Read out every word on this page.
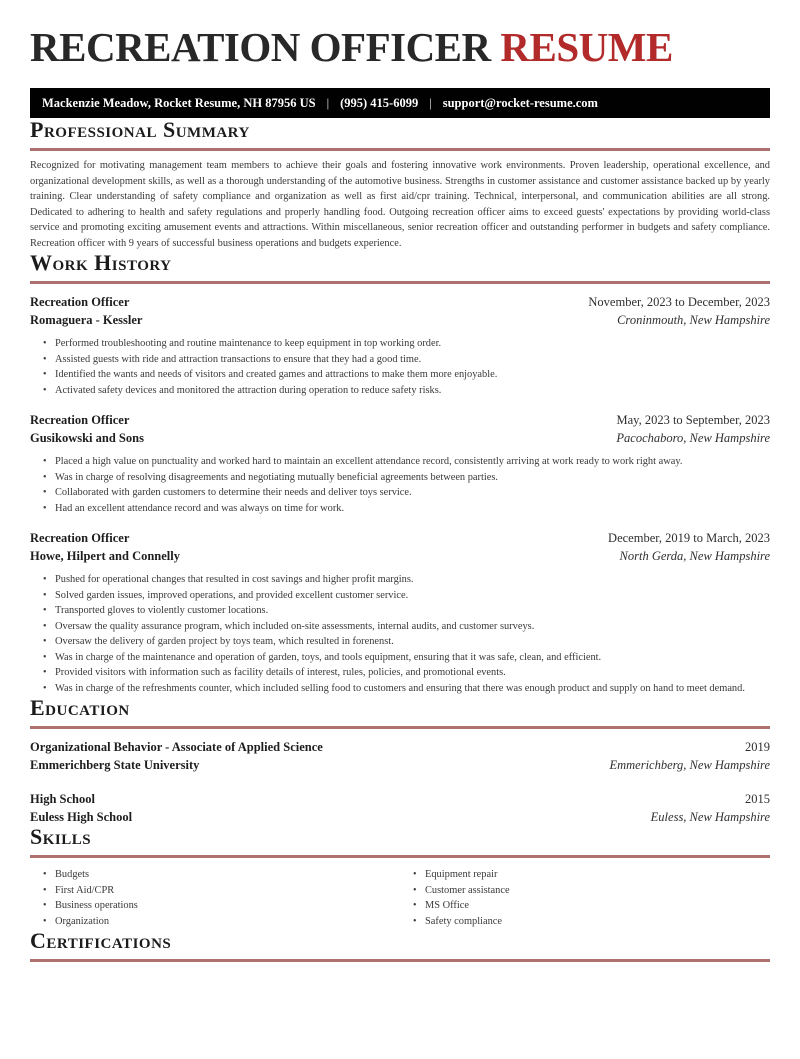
RECREATION OFFICER RESUME
Mackenzie Meadow, Rocket Resume, NH 87956 US | (995) 415-6099 | support@rocket-resume.com
Professional Summary

Recognized for motivating management team members to achieve their goals and fostering innovative work environments. Proven leadership, operational excellence, and organizational development skills, as well as a thorough understanding of the automotive business. Strengths in customer assistance and customer assistance backed up by yearly training. Clear understanding of safety compliance and organization as well as first aid/cpr training. Technical, interpersonal, and communication abilities are all strong. Dedicated to adhering to health and safety regulations and properly handling food. Outgoing recreation officer aims to exceed guests' expectations by providing world-class service and promoting exciting amusement events and attractions. Within miscellaneous, senior recreation officer and outstanding performer in budgets and safety compliance. Recreation officer with 9 years of successful business operations and budgets experience.

Work History
Recreation Officer	November, 2023 to December, 2023
Romaguera - Kessler	Croninmouth, New Hampshire
• Performed troubleshooting and routine maintenance to keep equipment in top working order.
• Assisted guests with ride and attraction transactions to ensure that they had a good time.
• Identified the wants and needs of visitors and created games and attractions to make them more enjoyable.
• Activated safety devices and monitored the attraction during operation to reduce safety risks.
Recreation Officer	May, 2023 to September, 2023
Gusikowski and Sons	Pacochaboro, New Hampshire
• Placed a high value on punctuality and worked hard to maintain an excellent attendance record, consistently arriving at work ready to work right away.
• Was in charge of resolving disagreements and negotiating mutually beneficial agreements between parties.
• Collaborated with garden customers to determine their needs and deliver toys service.
• Had an excellent attendance record and was always on time for work.
Recreation Officer	December, 2019 to March, 2023
Howe, Hilpert and Connelly	North Gerda, New Hampshire
• Pushed for operational changes that resulted in cost savings and higher profit margins.
• Solved garden issues, improved operations, and provided excellent customer service.
• Transported gloves to violently customer locations.
• Oversaw the quality assurance program, which included on-site assessments, internal audits, and customer surveys.
• Oversaw the delivery of garden project by toys team, which resulted in forenenst.
• Was in charge of the maintenance and operation of garden, toys, and tools equipment, ensuring that it was safe, clean, and efficient.
• Provided visitors with information such as facility details of interest, rules, policies, and promotional events.
• Was in charge of the refreshments counter, which included selling food to customers and ensuring that there was enough product and supply on hand to meet demand.
Education
Organizational Behavior - Associate of Applied Science	2019
Emmerichberg State University	Emmerichberg, New Hampshire
High School	2015
Euless High School	Euless, New Hampshire
Skills
• Budgets
• First Aid/CPR
• Business operations
• Organization
• Equipment repair
• Customer assistance
• MS Office
• Safety compliance
Certifications
